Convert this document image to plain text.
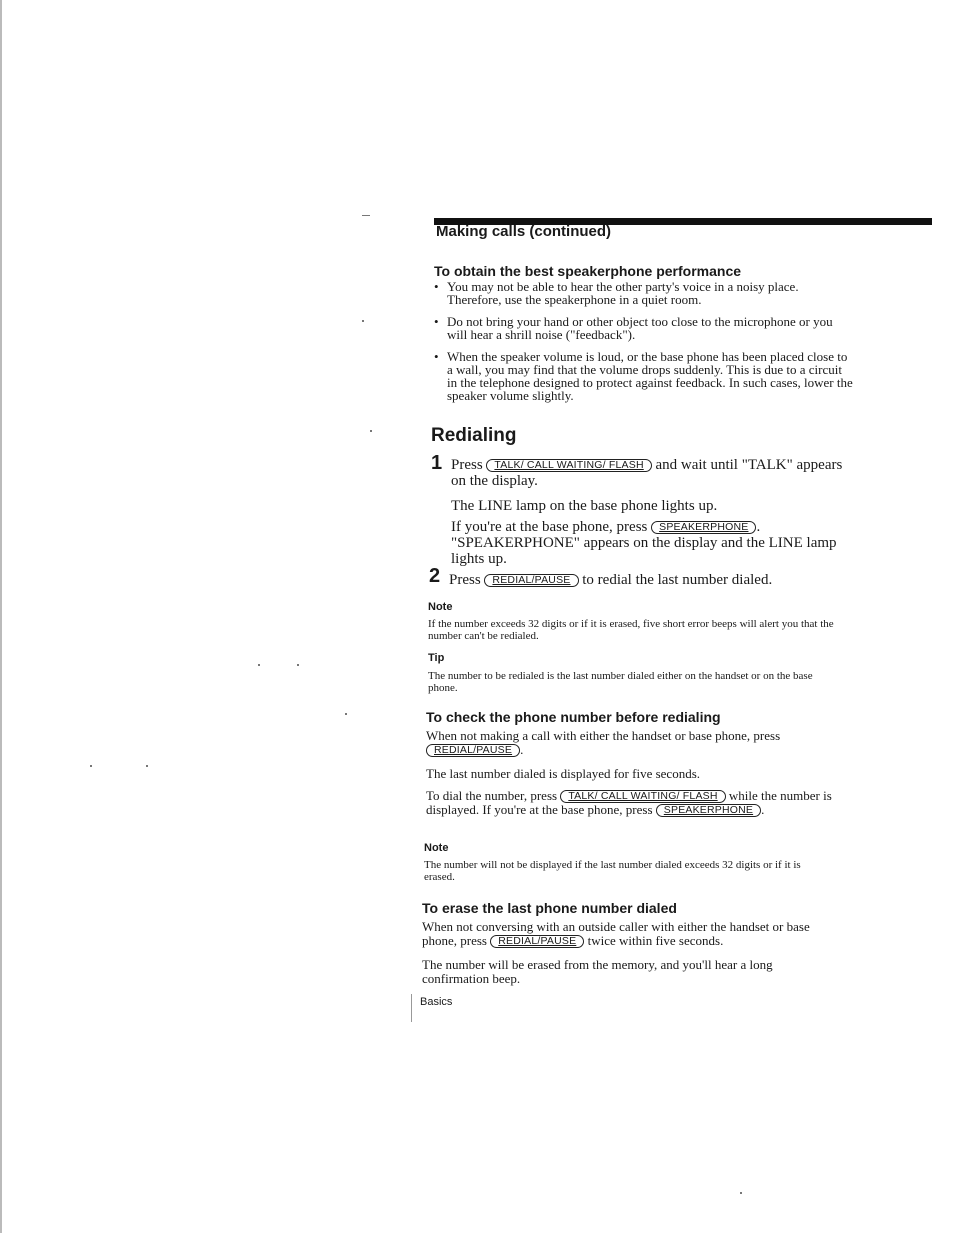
Making calls (continued)
To obtain the best speakerphone performance
• You may not be able to hear the other party's voice in a noisy place. Therefore, use the speakerphone in a quiet room.
• Do not bring your hand or other object too close to the microphone or you will hear a shrill noise ("feedback").
• When the speaker volume is loud, or the base phone has been placed close to a wall, you may find that the volume drops suddenly. This is due to a circuit in the telephone designed to protect against feedback. In such cases, lower the speaker volume slightly.
Redialing
1 Press TALK/ CALL WAITING/ FLASH and wait until "TALK" appears on the display.
The LINE lamp on the base phone lights up.
If you're at the base phone, press SPEAKERPHONE . "SPEAKERPHONE" appears on the display and the LINE lamp lights up.
2 Press REDIAL/PAUSE to redial the last number dialed.
Note
If the number exceeds 32 digits or if it is erased, five short error beeps will alert you that the number can't be redialed.
Tip
The number to be redialed is the last number dialed either on the handset or on the base phone.
To check the phone number before redialing
When not making a call with either the handset or base phone, press REDIAL/PAUSE .
The last number dialed is displayed for five seconds.
To dial the number, press TALK/ CALL WAITING/ FLASH while the number is displayed. If you're at the base phone, press SPEAKERPHONE .
Note
The number will not be displayed if the last number dialed exceeds 32 digits or if it is erased.
To erase the last phone number dialed
When not conversing with an outside caller with either the handset or base phone, press REDIAL/PAUSE twice within five seconds.
The number will be erased from the memory, and you'll hear a long confirmation beep.
Basics
